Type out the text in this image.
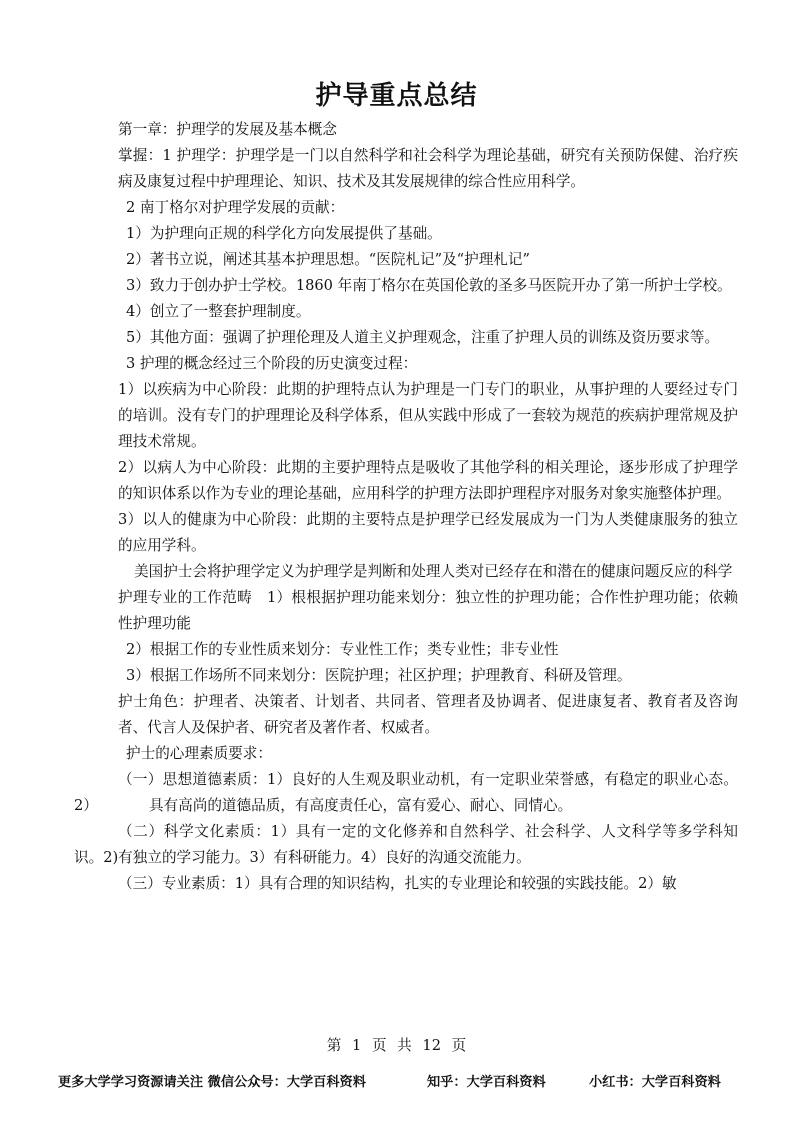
护导重点总结

第一章：护理学的发展及基本概念

掌握：1 护理学：护理学是一门以自然科学和社会科学为理论基础，研究有关预防保健、治疗疾病及康复过程中护理理论、知识、技术及其发展规律的综合性应用科学。

2 南丁格尔对护理学发展的贡献：

1）为护理向正规的科学化方向发展提供了基础。

2）著书立说，阐述其基本护理思想。“医院札记”及“护理札记”

3）致力于创办护士学校。1860 年南丁格尔在英国伦敦的圣多马医院开办了第一所护士学校。

4）创立了一整套护理制度。

5）其他方面：强调了护理伦理及人道主义护理观念，注重了护理人员的训练及资历要求等。

3 护理的概念经过三个阶段的历史演变过程：

1）以疾病为中心阶段：此期的护理特点认为护理是一门专门的职业，从事护理的人要经过专门的培训。没有专门的护理理论及科学体系，但从实践中形成了一套较为规范的疾病护理常规及护理技术常规。

2）以病人为中心阶段：此期的主要护理特点是吸收了其他学科的相关理论，逐步形成了护理学的知识体系以作为专业的理论基础，应用科学的护理方法即护理程序对服务对象实施整体护理。

3）以人的健康为中心阶段：此期的主要特点是护理学已经发展成为一门为人类健康服务的独立的应用学科。

美国护士会将护理学定义为护理学是判断和处理人类对已经存在和潜在的健康问题反应的科学

护理专业的工作范畴　1）根根据护理功能来划分：独立性的护理功能；合作性护理功能；依赖性护理功能

2）根据工作的专业性质来划分：专业性工作；类专业性；非专业性

3）根据工作场所不同来划分：医院护理；社区护理；护理教育、科研及管理。

护士角色：护理者、决策者、计划者、共同者、管理者及协调者、促进康复者、教育者及咨询者、代言人及保护者、研究者及著作者、权威者。

护士的心理素质要求：

（一）思想道德素质：1）良好的人生观及职业动机，有一定职业荣誉感，有稳定的职业心态。2）　　　　具有高尚的道德品质，有高度责任心，富有爱心、耐心、同情心。

（二）科学文化素质：1）具有一定的文化修养和自然科学、社会科学、人文科学等多学科知识。2)有独立的学习能力。3）有科研能力。4）良好的沟通交流能力。

（三）专业素质：1）具有合理的知识结构，扎实的专业理论和较强的实践技能。2）敏

第 1 页 共 12 页
更多大学学习资源请关注 微信公众号：大学百科资料	知乎：大学百科资料	小红书：大学百科资料
